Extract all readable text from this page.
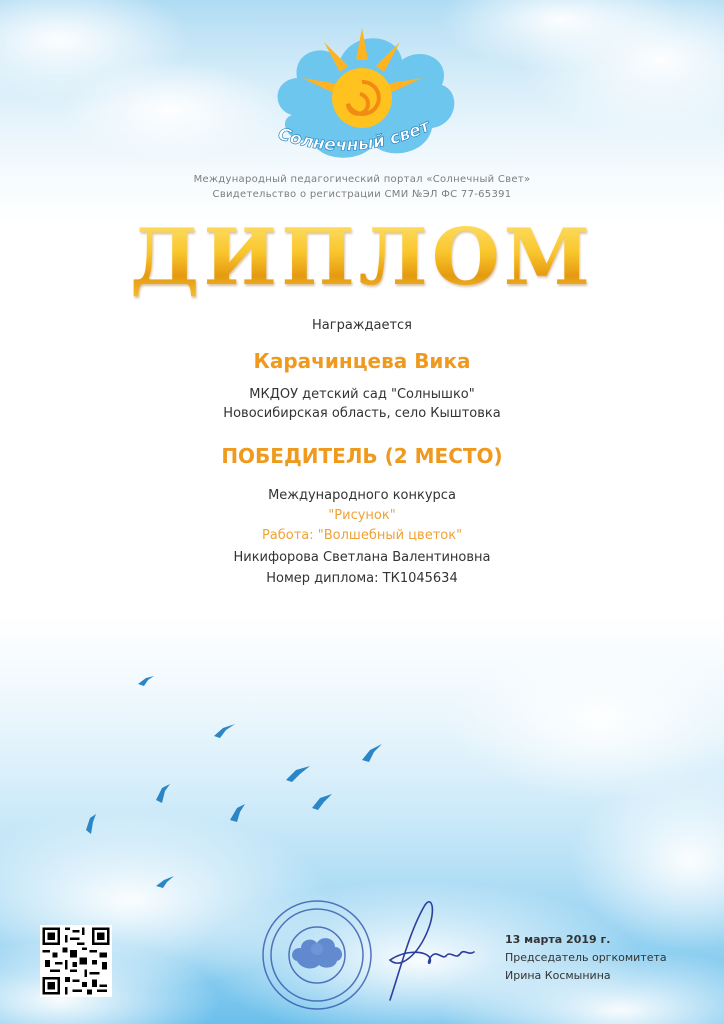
Солнечный свет
Международный педагогический портал «Солнечный Свет»
Свидетельство о регистрации СМИ №ЭЛ ФС 77-65391
ДИПЛОМ
Награждается
Карачинцева Вика
МКДОУ детский сад "Солнышко"
Новосибирская область, село Кыштовка
ПОБЕДИТЕЛЬ (2 МЕСТО)
Международного конкурса
"Рисунок"
Работа: "Волшебный цветок"
Никифорова Светлана Валентиновна
Номер диплома: ТК1045634
13 марта 2019 г.
Председатель оргкомитета
Ирина Космынина
